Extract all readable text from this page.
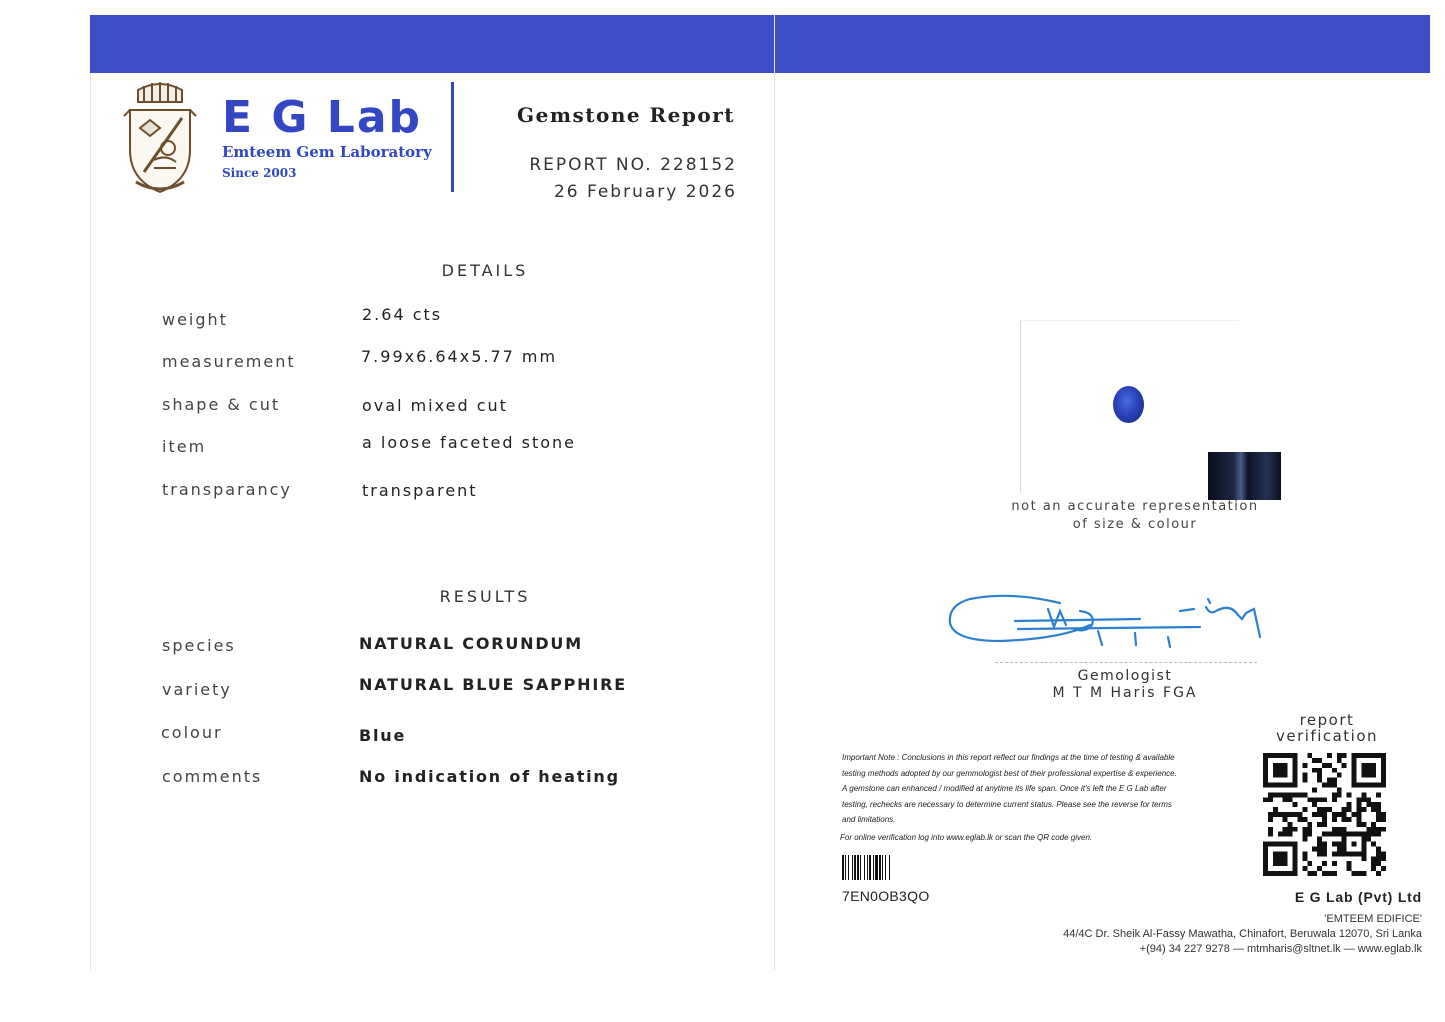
E G Lab
Emteem Gem Laboratory
Since 2003
Gemstone Report
REPORT NO. 228152
26 February 2026
DETAILS
weight	2.64 cts
measurement	7.99x6.64x5.77 mm
shape & cut	oval mixed cut
item	a loose faceted stone
transparancy	transparent
RESULTS
species	NATURAL CORUNDUM
variety	NATURAL BLUE SAPPHIRE
colour	Blue
comments	No indication of heating
not an accurate representation
of size & colour
Gemologist
M T M Haris FGA
report
verification

Important Note : Conclusions in this report reflect our findings at the time of testing & available

testing methods adopted by our gemmologist best of their professional expertise & experience.

A gemstone can enhanced / modified at anytime its life span. Once it's left the E G Lab after

testing, rechecks are necessary to determine current status. Please see the reverse for terms

and limitations.

For online verification log into www.eglab.lk or scan the QR code given.
7EN0OB3QO	E G Lab (Pvt) Ltd
'EMTEEM EDIFICE'
44/4C Dr. Sheik Al-Fassy Mawatha, Chinafort, Beruwala 12070, Sri Lanka
+(94) 34 227 9278 — mtmharis@sltnet.lk — www.eglab.lk
